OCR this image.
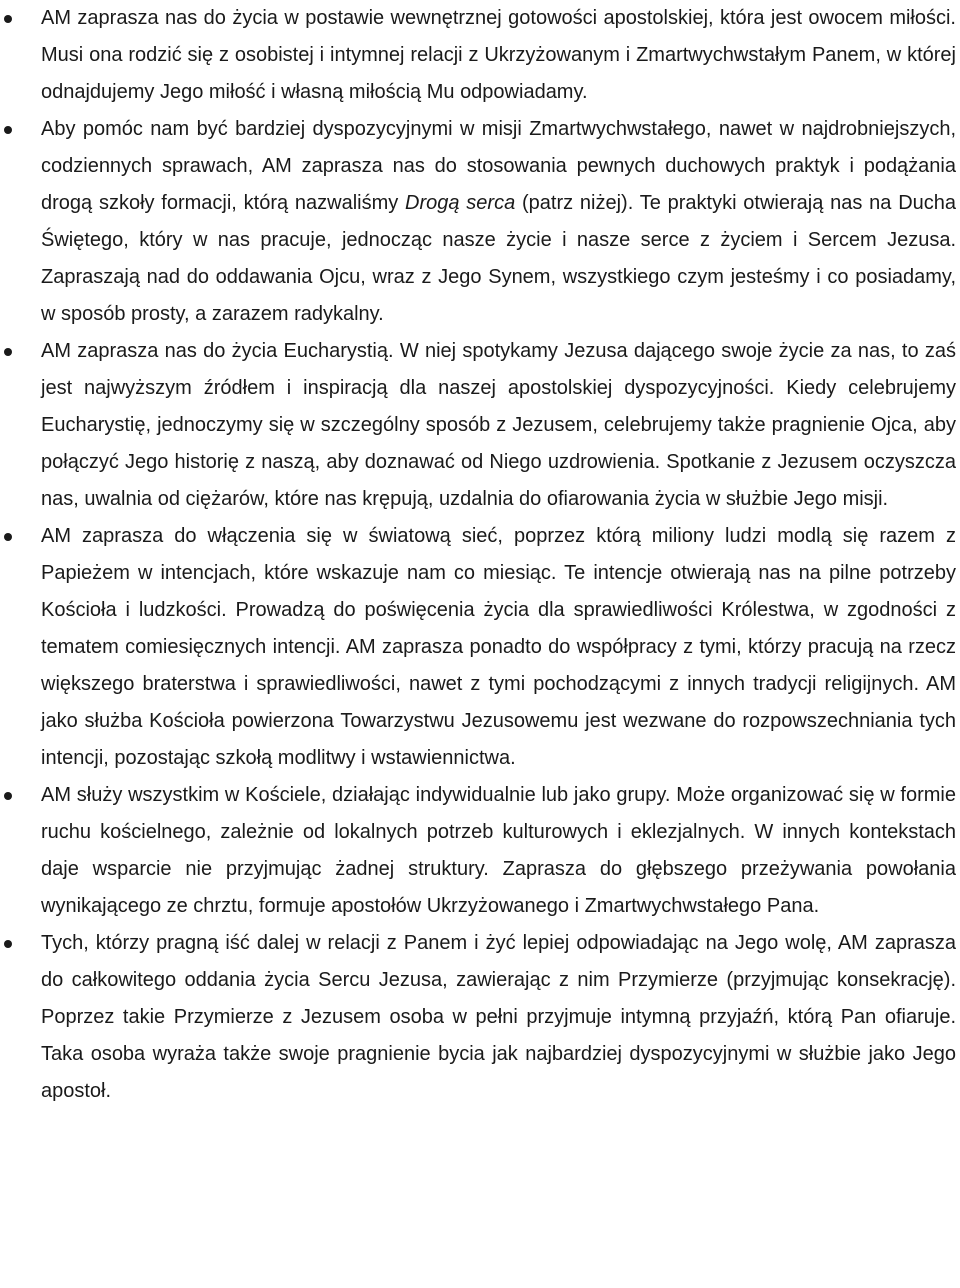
AM zaprasza nas do życia w postawie wewnętrznej gotowości apostolskiej, która jest owocem miłości. Musi ona rodzić się z osobistej i intymnej relacji z Ukrzyżowanym i Zmartwychwstałym Panem, w której odnajdujemy Jego miłość i własną miłością Mu odpowiadamy.
Aby pomóc nam być bardziej dyspozycyjnymi w misji Zmartwychwstałego, nawet w najdrobniejszych, codziennych sprawach, AM zaprasza nas do stosowania pewnych duchowych praktyk i podążania drogą szkoły formacji, którą nazwaliśmy Drogą serca (patrz niżej). Te praktyki otwierają nas na Ducha Świętego, który w nas pracuje, jednocząc nasze życie i nasze serce z życiem i Sercem Jezusa. Zapraszają nad do oddawania Ojcu, wraz z Jego Synem, wszystkiego czym jesteśmy i co posiadamy, w sposób prosty, a zarazem radykalny.
AM zaprasza nas do życia Eucharystią. W niej spotykamy Jezusa dającego swoje życie za nas, to zaś jest najwyższym źródłem i inspiracją dla naszej apostolskiej dyspozycyjności. Kiedy celebrujemy Eucharystię, jednoczymy się w szczególny sposób z Jezusem, celebrujemy także pragnienie Ojca, aby połączyć Jego historię z naszą, aby doznawać od Niego uzdrowienia. Spotkanie z Jezusem oczyszcza nas, uwalnia od ciężarów, które nas krępują, uzdalnia do ofiarowania życia w służbie Jego misji.
AM zaprasza do włączenia się w światową sieć, poprzez którą miliony ludzi modlą się razem z Papieżem w intencjach, które wskazuje nam co miesiąc. Te intencje otwierają nas na pilne potrzeby Kościoła i ludzkości. Prowadzą do poświęcenia życia dla sprawiedliwości Królestwa, w zgodności z tematem comiesięcznych intencji. AM zaprasza ponadto do współpracy z tymi, którzy pracują na rzecz większego braterstwa i sprawiedliwości, nawet z tymi pochodzącymi z innych tradycji religijnych. AM jako służba Kościoła powierzona Towarzystwu Jezusowemu jest wezwane do rozpowszechniania tych intencji, pozostając szkołą modlitwy i wstawiennictwa.
AM służy wszystkim w Kościele, działając indywidualnie lub jako grupy. Może organizować się w formie ruchu kościelnego, zależnie od lokalnych potrzeb kulturowych i eklezjalnych. W innych kontekstach daje wsparcie nie przyjmując żadnej struktury. Zaprasza do głębszego przeżywania powołania wynikającego ze chrztu, formuje apostołów Ukrzyżowanego i Zmartwychwstałego Pana.
Tych, którzy pragną iść dalej w relacji z Panem i żyć lepiej odpowiadając na Jego wolę, AM zaprasza do całkowitego oddania życia Sercu Jezusa, zawierając z nim Przymierze (przyjmując konsekrację). Poprzez takie Przymierze z Jezusem osoba w pełni przyjmuje intymną przyjaźń, którą Pan ofiaruje. Taka osoba wyraża także swoje pragnienie bycia jak najbardziej dyspozycyjnymi w służbie jako Jego apostoł.
